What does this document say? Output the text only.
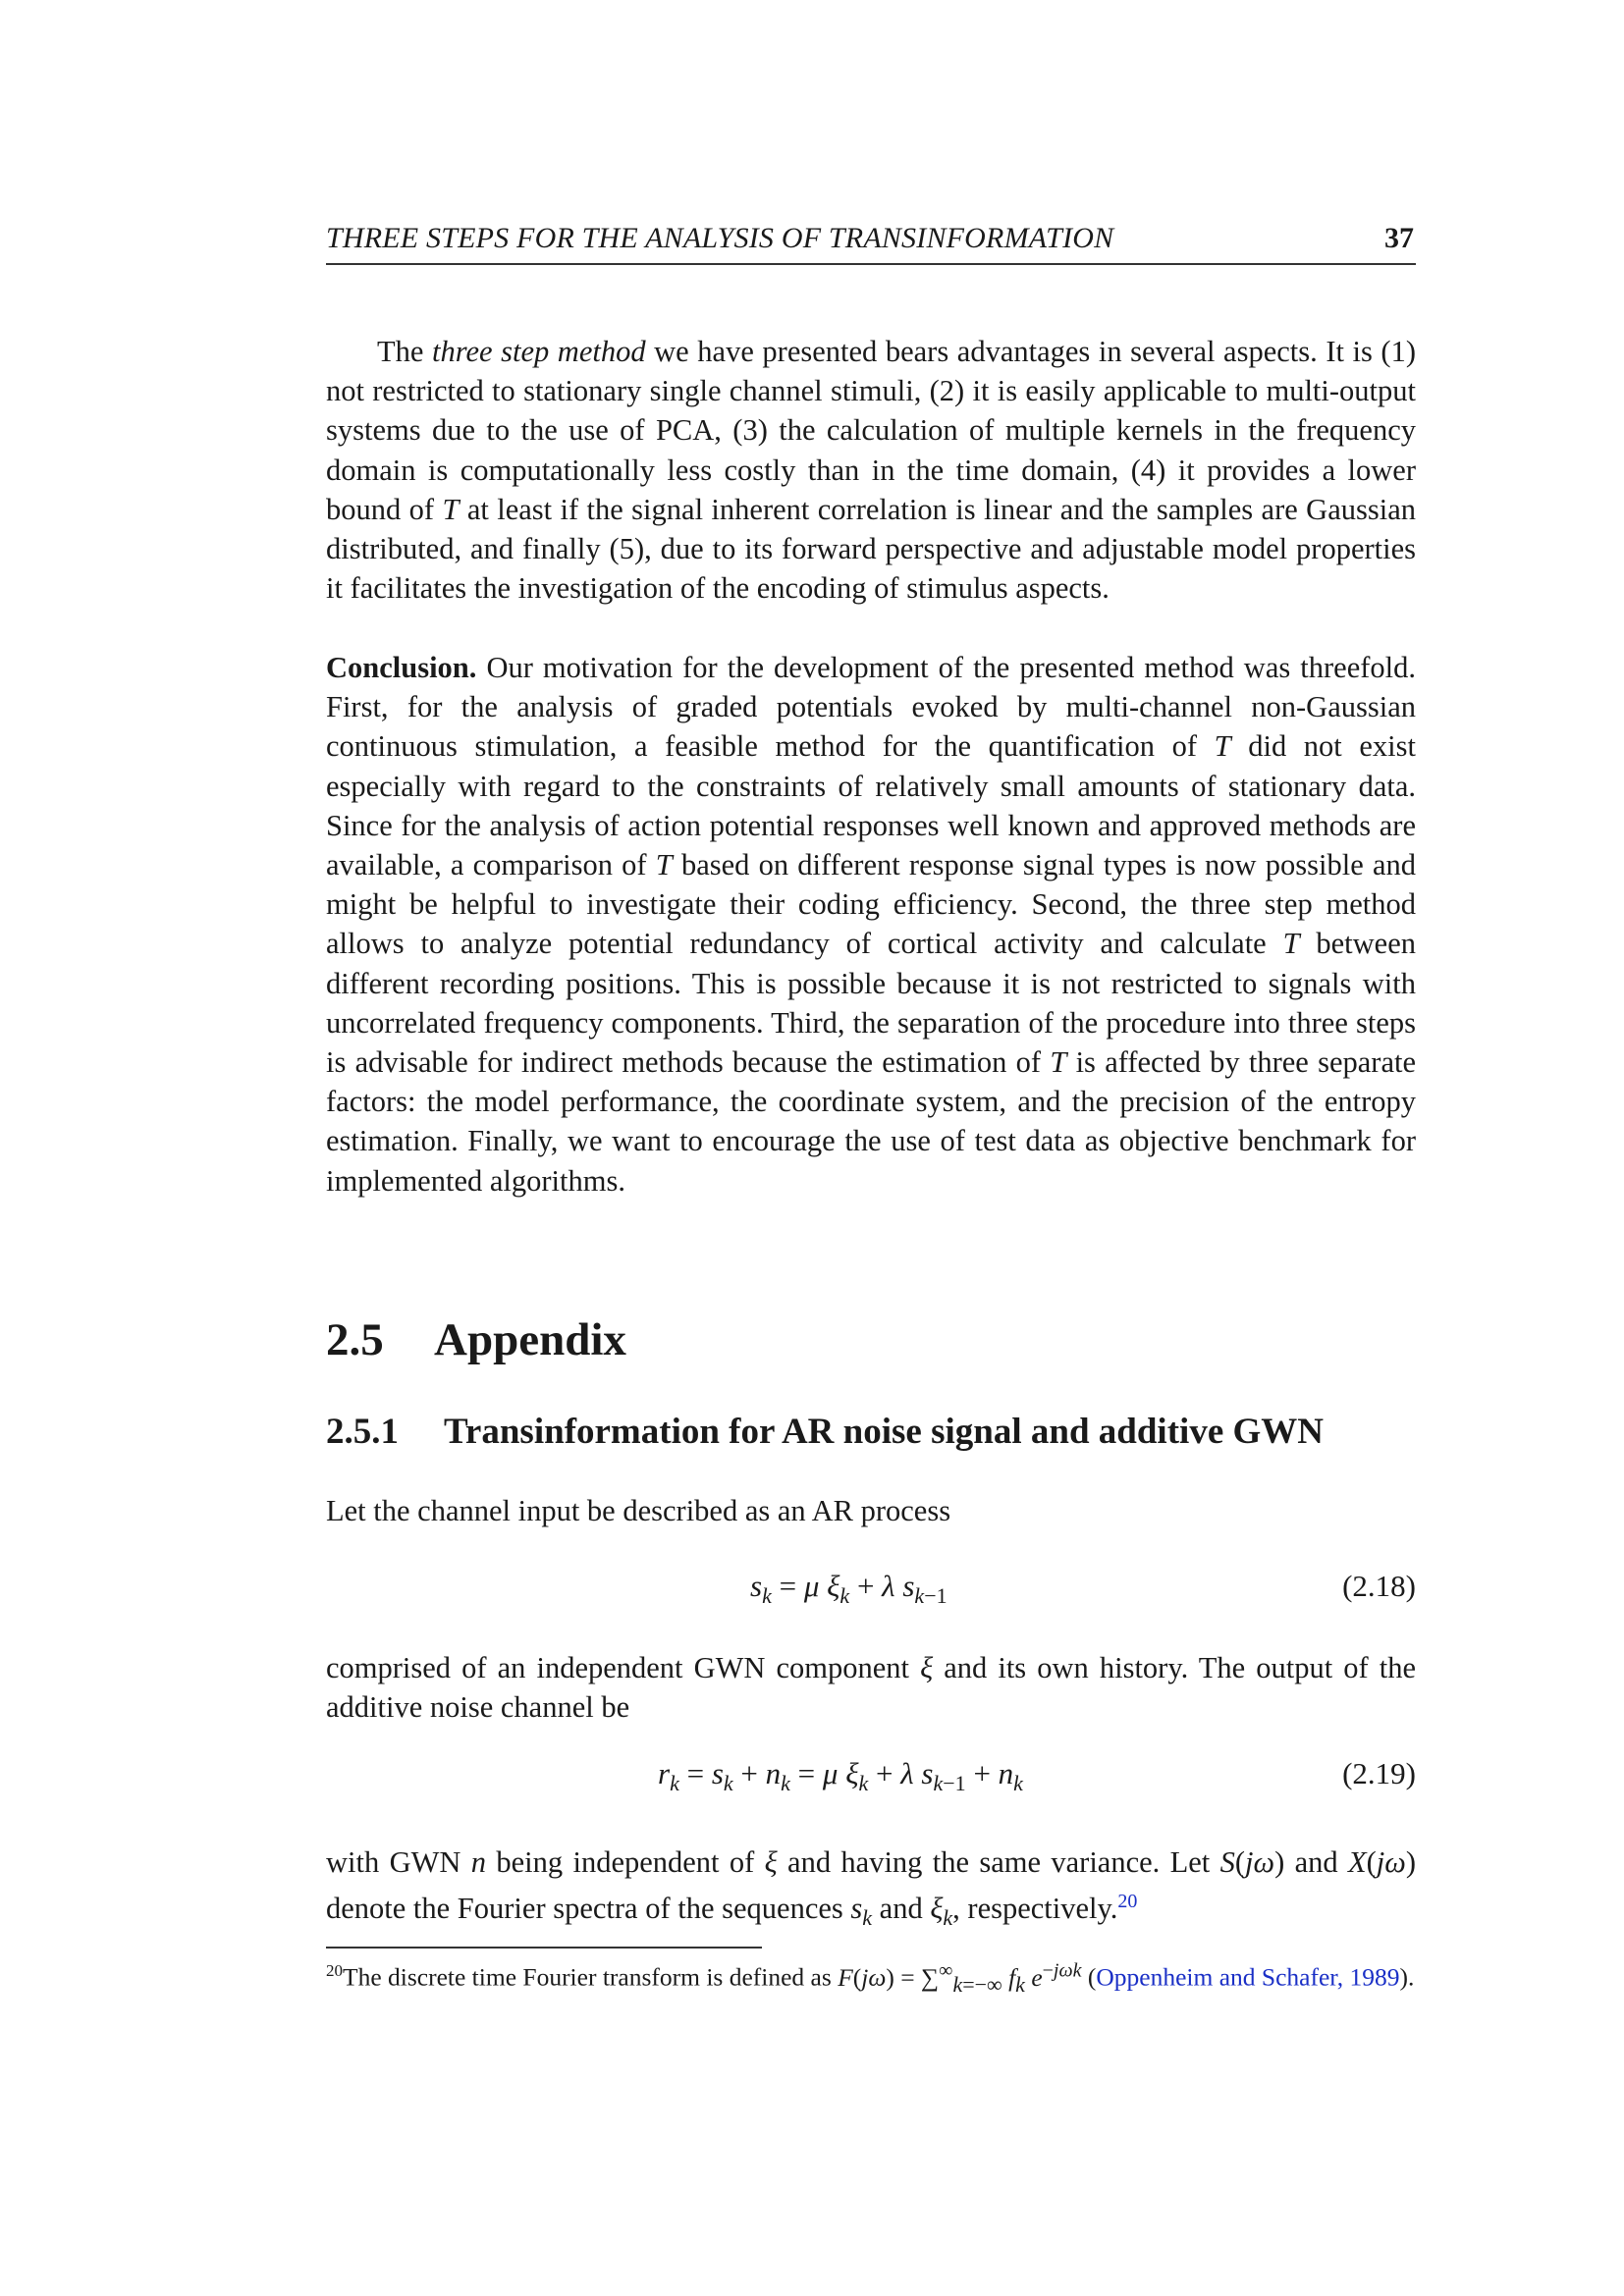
THREE STEPS FOR THE ANALYSIS OF TRANSINFORMATION	37

The three step method we have presented bears advantages in several aspects. It is (1) not restricted to stationary single channel stimuli, (2) it is easily applicable to multi-output systems due to the use of PCA, (3) the calculation of multiple kernels in the frequency domain is computationally less costly than in the time domain, (4) it provides a lower bound of T at least if the signal inherent correlation is linear and the samples are Gaussian distributed, and finally (5), due to its forward perspective and adjustable model properties it facilitates the investigation of the encoding of stimulus aspects.

Conclusion. Our motivation for the development of the presented method was threefold. First, for the analysis of graded potentials evoked by multi-channel non-Gaussian continuous stimulation, a feasible method for the quantification of T did not exist especially with regard to the constraints of relatively small amounts of stationary data. Since for the analysis of action potential responses well known and approved methods are available, a comparison of T based on different response signal types is now possible and might be helpful to investigate their coding efficiency. Second, the three step method allows to analyze potential redundancy of cortical activity and calculate T between different recording positions. This is possible because it is not restricted to signals with uncorrelated frequency components. Third, the separation of the procedure into three steps is advisable for indirect methods because the estimation of T is affected by three separate factors: the model performance, the coordinate system, and the precision of the entropy estimation. Finally, we want to encourage the use of test data as objective benchmark for implemented algorithms.

2.5 Appendix
2.5.1 Transinformation for AR noise signal and additive GWN

Let the channel input be described as an AR process

$s_k = \mu$ $\xi_k + \lambda$ $s_{k-1}$	(2.18)

comprised of an independent GWN component ξ and its own history. The output of the additive noise channel be

$r_k = s_k + n_k = \mu$ $\xi_k + \lambda$ $s_{k-1} + n_k$	(2.19)

with GWN n being independent of ξ and having the same variance. Let S(jω) and X(jω) denote the Fourier spectra of the sequences $s_k$ and $\xi_k$, respectively.$^{20}$

$^{20}$The discrete time Fourier transform is defined as $F(j\omega) = \sum^\infty_{k=-\infty}$ $f_k$ $e^{-j\omega k}$ (Oppenheim and Schafer, 1989).
